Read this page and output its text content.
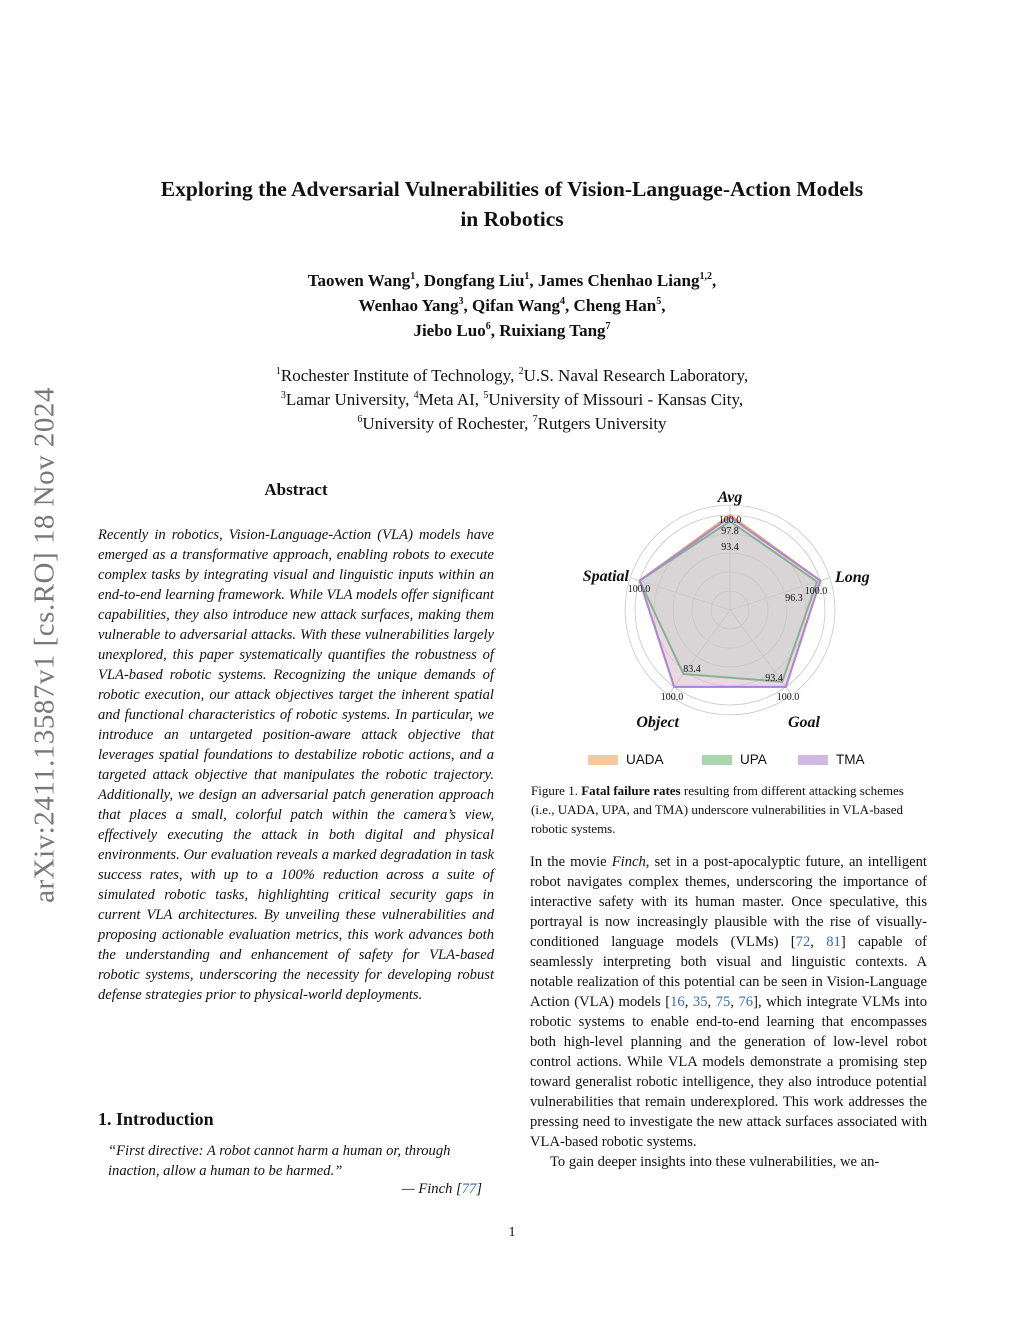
arXiv:2411.13587v1 [cs.RO] 18 Nov 2024
Exploring the Adversarial Vulnerabilities of Vision-Language-Action Models
in Robotics
Taowen Wang$^1$, Dongfang Liu$^1$, James Chenhao Liang$^{1,2}$,
Wenhao Yang$^3$, Qifan Wang$^4$, Cheng Han$^5$,
Jiebo Luo$^6$, Ruixiang Tang$^7$
$^1$Rochester Institute of Technology, $^2$U.S. Naval Research Laboratory,
$^3$Lamar University, $^4$Meta AI, $^5$University of Missouri - Kansas City,
$^6$University of Rochester, $^7$Rutgers University
Abstract
Recently in robotics, Vision-Language-Action (VLA) models have emerged as a transformative approach, enabling robots to execute complex tasks by integrating visual and linguistic inputs within an end-to-end learning framework. While VLA models offer significant capabilities, they also introduce new attack surfaces, making them vulnerable to adversarial attacks. With these vulnerabilities largely unexplored, this paper systematically quantifies the robustness of VLA-based robotic systems. Recognizing the unique demands of robotic execution, our attack objectives target the inherent spatial and functional characteristics of robotic systems. In particular, we introduce an untargeted position-aware attack objective that leverages spatial foundations to destabilize robotic actions, and a targeted attack objective that manipulates the robotic trajectory. Additionally, we design an adversarial patch generation approach that places a small, colorful patch within the camera’s view, effectively executing the attack in both digital and physical environments. Our evaluation reveals a marked degradation in task success rates, with up to a 100% reduction across a suite of simulated robotic tasks, highlighting critical security gaps in current VLA architectures. By unveiling these vulnerabilities and proposing actionable evaluation metrics, this work advances both the understanding and enhancement of safety for VLA-based robotic systems, underscoring the necessity for developing robust defense strategies prior to physical-world deployments.
1. Introduction
“First directive: A robot cannot harm a human or, through inaction, allow a human to be harmed.”
— Finch [77]
100.0
97.8
93.4
96.3
100.0
93.4
100.0
83.4
100.0
100.0
Avg
Long
Goal
Object
Spatial
UADA	UPA	TMA
Figure 1. Fatal failure rates resulting from different attacking schemes (i.e., UADA, UPA, and TMA) underscore vulnerabilities in VLA-based robotic systems.

In the movie Finch, set in a post-apocalyptic future, an intelligent robot navigates complex themes, underscoring the importance of interactive safety with its human master. Once speculative, this portrayal is now increasingly plausible with the rise of visually-conditioned language models (VLMs) [72, 81] capable of seamlessly interpreting both visual and linguistic contexts. A notable realization of this potential can be seen in Vision-Language Action (VLA) models [16, 35, 75, 76], which integrate VLMs into robotic systems to enable end-to-end learning that encompasses both high-level planning and the generation of low-level robot control actions. While VLA models demonstrate a promising step toward generalist robotic intelligence, they also introduce potential vulnerabilities that remain underexplored. This work addresses the pressing need to investigate the new attack surfaces associated with VLA-based robotic systems.

To gain deeper insights into these vulnerabilities, we an-

1
